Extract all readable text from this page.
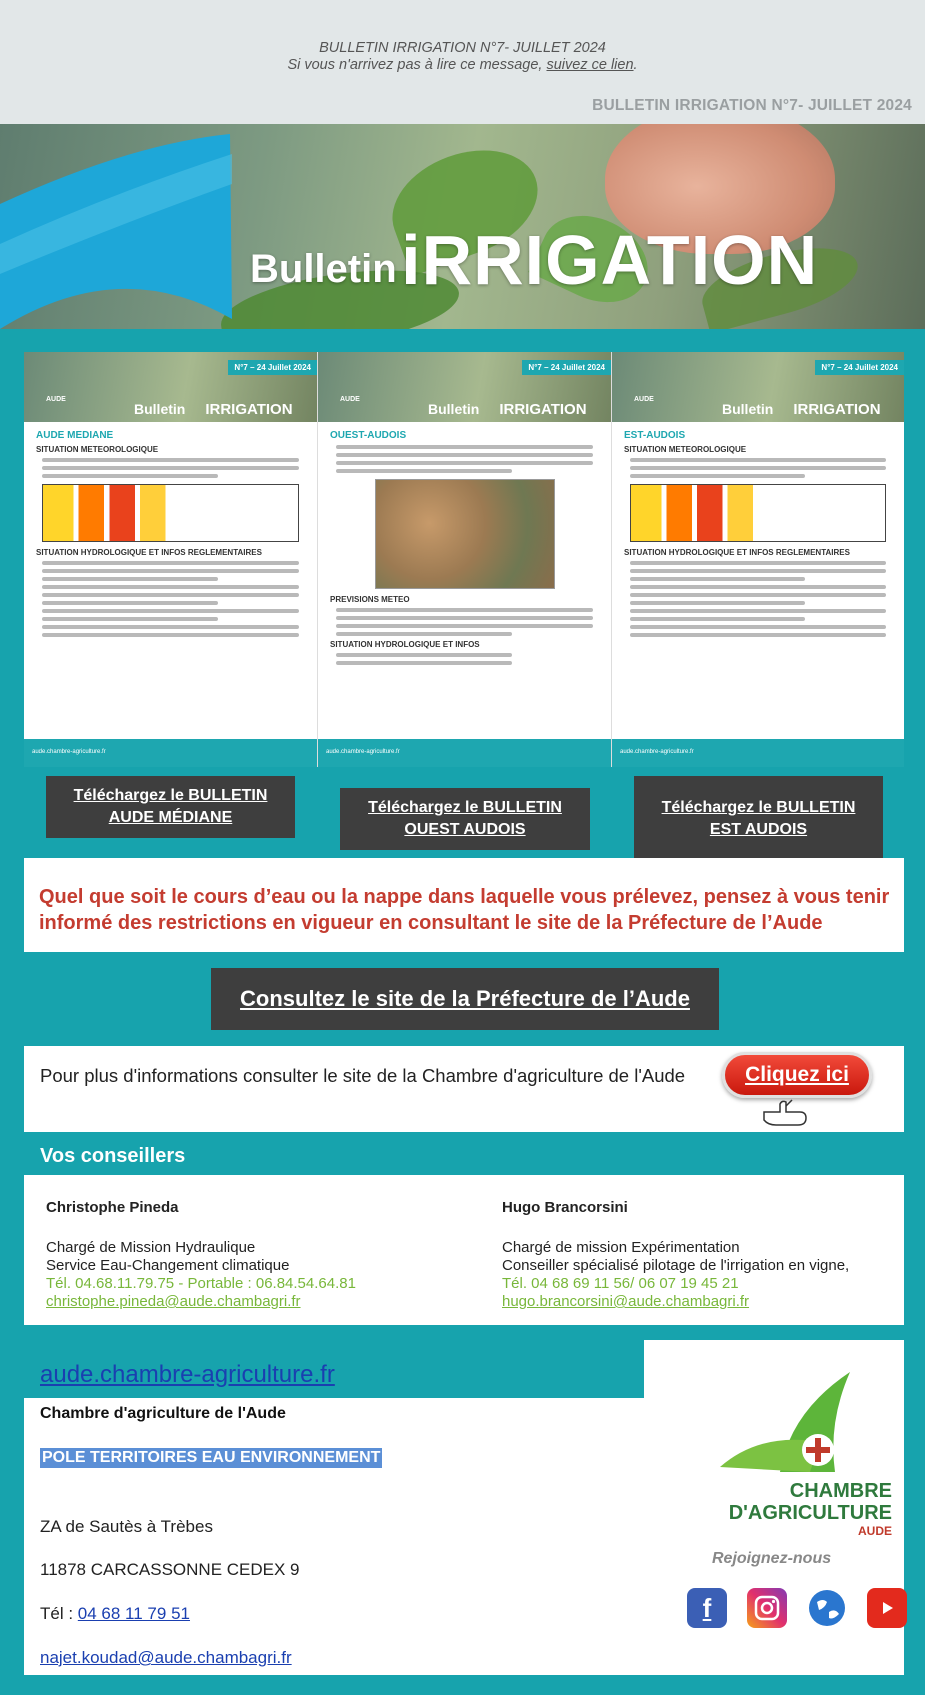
BULLETIN IRRIGATION N°7- JUILLET 2024
Si vous n'arrivez pas à lire ce message, suivez ce lien.
BULLETIN IRRIGATION N°7- JUILLET 2024
Bulletin iRRIGATION
N°7 – 24 Juillet 2024
AUDE
Bulletin IRRIGATION
AUDE MEDIANE
SITUATION METEOROLOGIQUE
SITUATION HYDROLOGIQUE ET INFOS REGLEMENTAIRES
aude.chambre-agriculture.fr
N°7 – 24 Juillet 2024
AUDE
Bulletin IRRIGATION
OUEST-AUDOIS
PREVISIONS METEO
SITUATION HYDROLOGIQUE ET INFOS
aude.chambre-agriculture.fr
N°7 – 24 Juillet 2024
AUDE
Bulletin IRRIGATION
EST-AUDOIS
SITUATION METEOROLOGIQUE
SITUATION HYDROLOGIQUE ET INFOS REGLEMENTAIRES
aude.chambre-agriculture.fr
Téléchargez le BULLETIN
AUDE MÉDIANE
Téléchargez le BULLETIN
OUEST AUDOIS
Téléchargez le BULLETIN
EST AUDOIS
Quel que soit le cours d’eau ou la nappe dans laquelle vous prélevez, pensez à vous tenir informé des restrictions en vigueur en consultant le site de la Préfecture de l’Aude
Consultez le site de la Préfecture de l’Aude
Pour plus d'informations consulter le site de la Chambre d'agriculture de l'Aude	Cliquez ici
Vos conseillers
Christophe Pineda
Chargé de Mission Hydraulique
Service Eau-Changement climatique
Tél. 04.68.11.79.75 - Portable : 06.84.54.64.81
christophe.pineda@aude.chambagri.fr
Hugo Brancorsini
Chargé de mission Expérimentation
Conseiller spécialisé pilotage de l'irrigation en vigne,
Tél. 04 68 69 11 56/ 06 07 19 45 21
hugo.brancorsini@aude.chambagri.fr
aude.chambre-agriculture.fr
Chambre d'agriculture de l'Aude
POLE TERRITOIRES EAU ENVIRONNEMENT
ZA de Sautès à Trèbes
11878 CARCASSONNE CEDEX 9
Tél : 04 68 11 79 51
najet.koudad@aude.chambagri.fr
CHAMBRE
D'AGRICULTURE
AUDE
Rejoignez-nous
f
